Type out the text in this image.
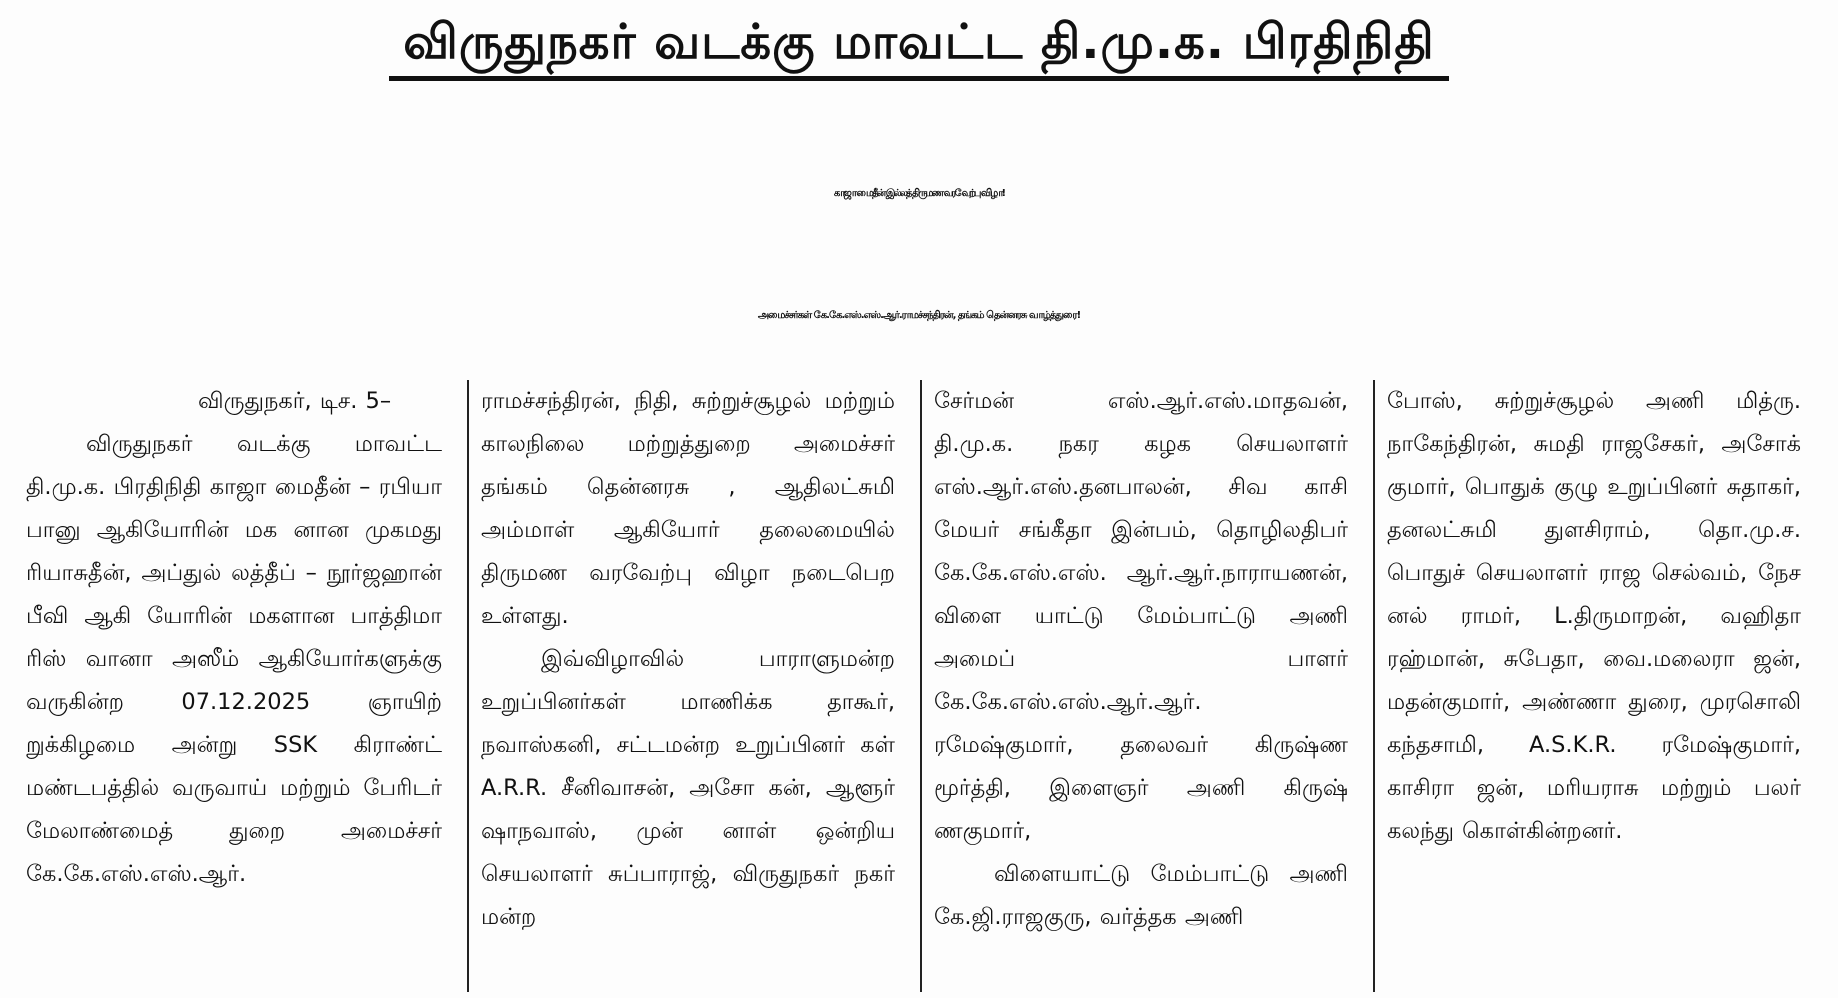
விருதுநகர் வடக்கு மாவட்ட தி.மு.க. பிரதிநிதி
காஜா மைதீன் இல்லத் திருமண வரவேற்பு விழா!
அமைச்சர்கள் கே.கே.எஸ்.எஸ்.ஆர்.ராமச்சந்திரன், தங்கம் தென்னரசு வாழ்த்துரை!

விருதுநகர், டிச. 5–

விருதுநகர் வடக்கு மாவட்ட தி.மு.க. பிரதிநிதி காஜா மைதீன் – ரபியா பானு ஆகியோரின் மக னான முகமது ரியாசுதீன், அப்துல் லத்தீப் – நூர்ஜஹான் பீவி ஆகி யோரின் மகளான பாத்திமா ரிஸ் வானா அஸீம் ஆகியோர்களுக்கு வருகின்ற 07.12.2025 ஞாயிற் றுக்கிழமை அன்று SSK கிராண்ட் மண்டபத்தில் வருவாய் மற்றும் பேரிடர் மேலாண்மைத் துறை அமைச்சர் கே.கே.எஸ்.எஸ்.ஆர்.

ராமச்சந்திரன், நிதி, சுற்றுச்சூழல் மற்றும் காலநிலை மற்றுத்துறை அமைச்சர் தங்கம் தென்னரசு , ஆதிலட்சுமி அம்மாள் ஆகியோர் தலைமையில் திருமண வரவேற்பு விழா நடைபெற உள்ளது.

இவ்விழாவில் பாராளுமன்ற உறுப்பினர்கள் மாணிக்க தாகூர், நவாஸ்கனி, சட்டமன்ற உறுப்பினர் கள் A.R.R. சீனிவாசன், அசோ கன், ஆளூர் ஷாநவாஸ், முன் னாள் ஒன்றிய செயலாளர் சுப்பாராஜ், விருதுநகர் நகர் மன்ற

சேர்மன் எஸ்.ஆர்.எஸ்.மாதவன், தி.மு.க. நகர கழக செயலாளர் எஸ்.ஆர்.எஸ்.தனபாலன், சிவ காசி மேயர் சங்கீதா இன்பம், தொழிலதிபர் கே.கே.எஸ்.எஸ். ஆர்.ஆர்.நாராயணன், விளை யாட்டு மேம்பாட்டு அணி அமைப் பாளர் கே.கே.எஸ்.எஸ்.ஆர்.ஆர். ரமேஷ்குமார், தலைவர் கிருஷ்ண மூர்த்தி, இளைஞர் அணி கிருஷ் ணகுமார்,

விளையாட்டு மேம்பாட்டு அணி கே.ஜி.ராஜகுரு, வர்த்தக அணி

போஸ், சுற்றுச்சூழல் அணி மித்ரு. நாகேந்திரன், சுமதி ராஜசேகர், அசோக் குமார், பொதுக் குழு உறுப்பினர் சுதாகர், தனலட்சுமி துளசிராம், தொ.மு.ச. பொதுச் செயலாளர் ராஜ செல்வம், நேச னல் ராமர், L.திருமாறன், வஹிதா ரஹ்மான், சுபேதா, வை.மலைரா ஜன், மதன்குமார், அண்ணா துரை, முரசொலி கந்தசாமி, A.S.K.R. ரமேஷ்குமார், காசிரா ஜன், மரியராசு மற்றும் பலர் கலந்து கொள்கின்றனர்.
